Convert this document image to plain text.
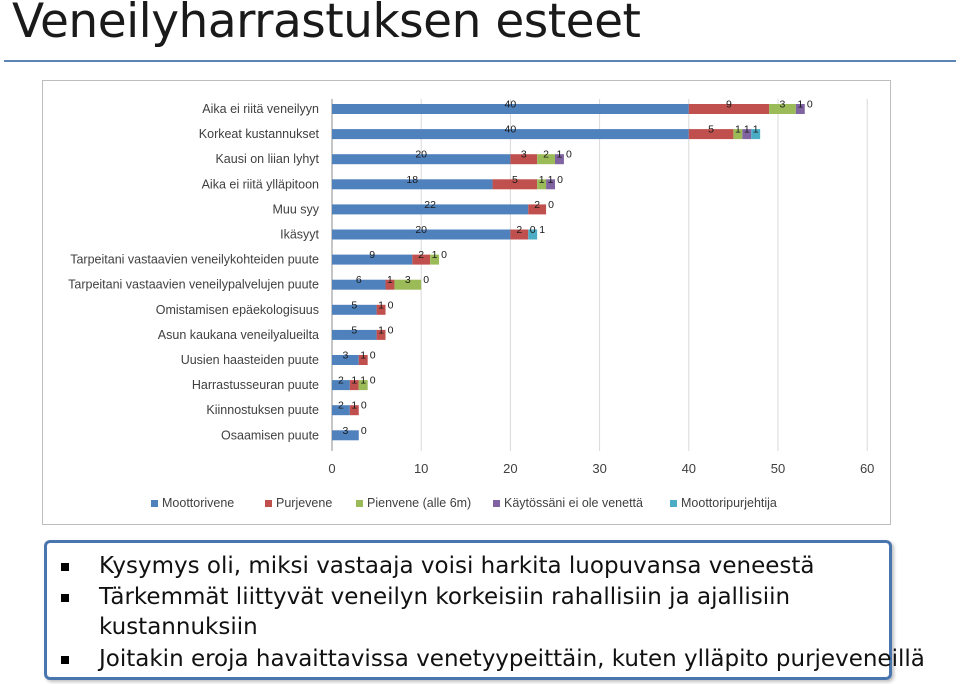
Veneilyharrastuksen esteet
0	10	20	30	40	50	60
Aika ei riitä veneilyyn	40	9	3 1 0
Korkeat kustannukset	40	5 1 1 1
Kausi on liian lyhyt	20	3 2 1 0
Aika ei riitä ylläpitoon	18	5 1 1 0
Muu syy	22	2 0
Ikäsyyt	20	2 0 1
Tarpeitani vastaavien veneilykohteiden puute	9	2 1 0
Tarpeitani vastaavien veneilypalvelujen puute	6 1 3 0
Omistamisen epäekologisuus	5 1 0
Asun kaukana veneilyalueilta	5 1 0
Uusien haasteiden puute 3 1 0
Harrastusseuran puute 2 1 1 0
Kiinnostuksen puute 2 1 0
Osaamisen puute 3 0
Moottorivene	Purjevene	Pienvene (alle 6m)	Käytössäni ei ole venettä	Moottoripurjehtija
Kysymys oli, miksi vastaaja voisi harkita luopuvansa veneestä
Tärkemmät liittyvät veneilyn korkeisiin rahallisiin ja ajallisiin
kustannuksiin
Joitakin eroja havaittavissa venetyypeittäin, kuten ylläpito purjeveneillä
